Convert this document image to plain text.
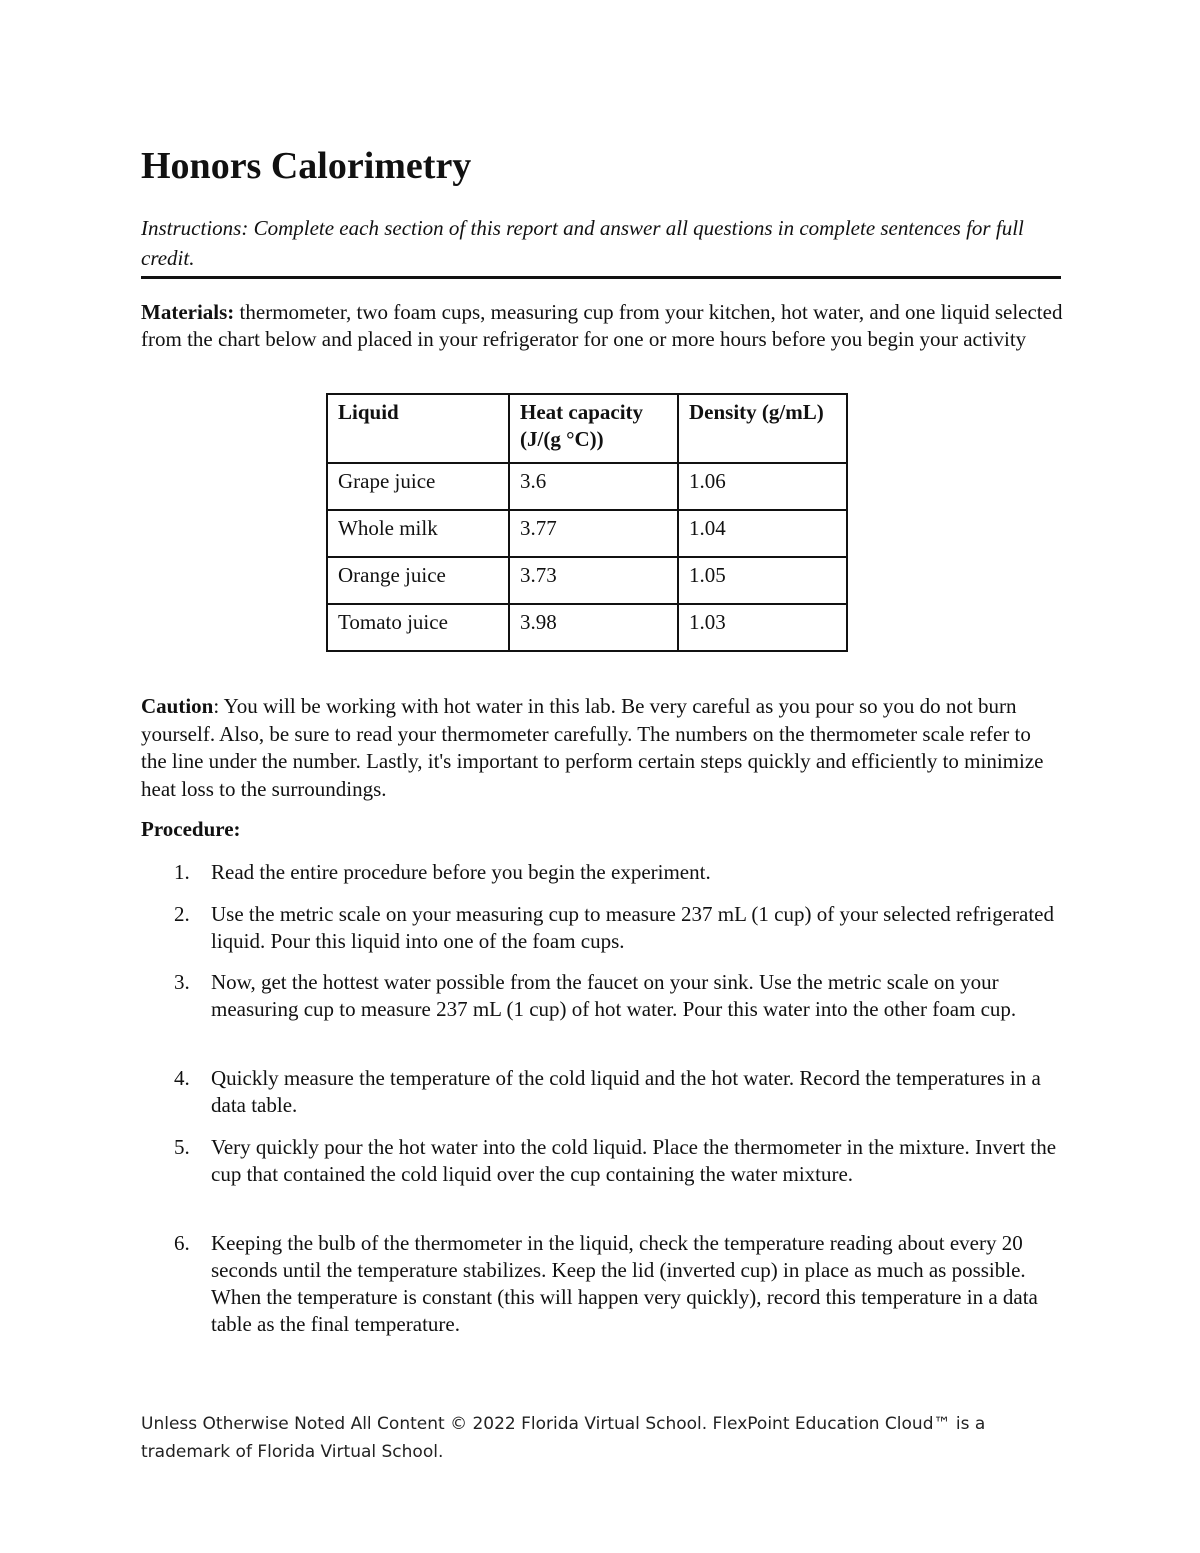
Honors Calorimetry

Instructions: Complete each section of this report and answer all questions in complete sentences for full credit.

Materials: thermometer, two foam cups, measuring cup from your kitchen, hot water, and one liquid selected from the chart below and placed in your refrigerator for one or more hours before you begin your activity

Liquid	Heat capacity (J/(g °C))	Density (g/mL)
Grape juice	3.6	1.06
Whole milk	3.77	1.04
Orange juice	3.73	1.05
Tomato juice	3.98	1.03

Caution: You will be working with hot water in this lab. Be very careful as you pour so you do not burn yourself. Also, be sure to read your thermometer carefully. The numbers on the thermometer scale refer to the line under the number. Lastly, it's important to perform certain steps quickly and efficiently to minimize heat loss to the surroundings.

Procedure:

1. Read the entire procedure before you begin the experiment.

2. Use the metric scale on your measuring cup to measure 237 mL (1 cup) of your selected refrigerated liquid. Pour this liquid into one of the foam cups.

3. Now, get the hottest water possible from the faucet on your sink. Use the metric scale on your measuring cup to measure 237 mL (1 cup) of hot water. Pour this water into the other foam cup.

4. Quickly measure the temperature of the cold liquid and the hot water. Record the temperatures in a data table.

5. Very quickly pour the hot water into the cold liquid. Place the thermometer in the mixture. Invert the cup that contained the cold liquid over the cup containing the water mixture.

6. Keeping the bulb of the thermometer in the liquid, check the temperature reading about every 20 seconds until the temperature stabilizes. Keep the lid (inverted cup) in place as much as possible. When the temperature is constant (this will happen very quickly), record this temperature in a data table as the final temperature.

Unless Otherwise Noted All Content © 2022 Florida Virtual School. FlexPoint Education Cloud™ is a trademark of Florida Virtual School.
